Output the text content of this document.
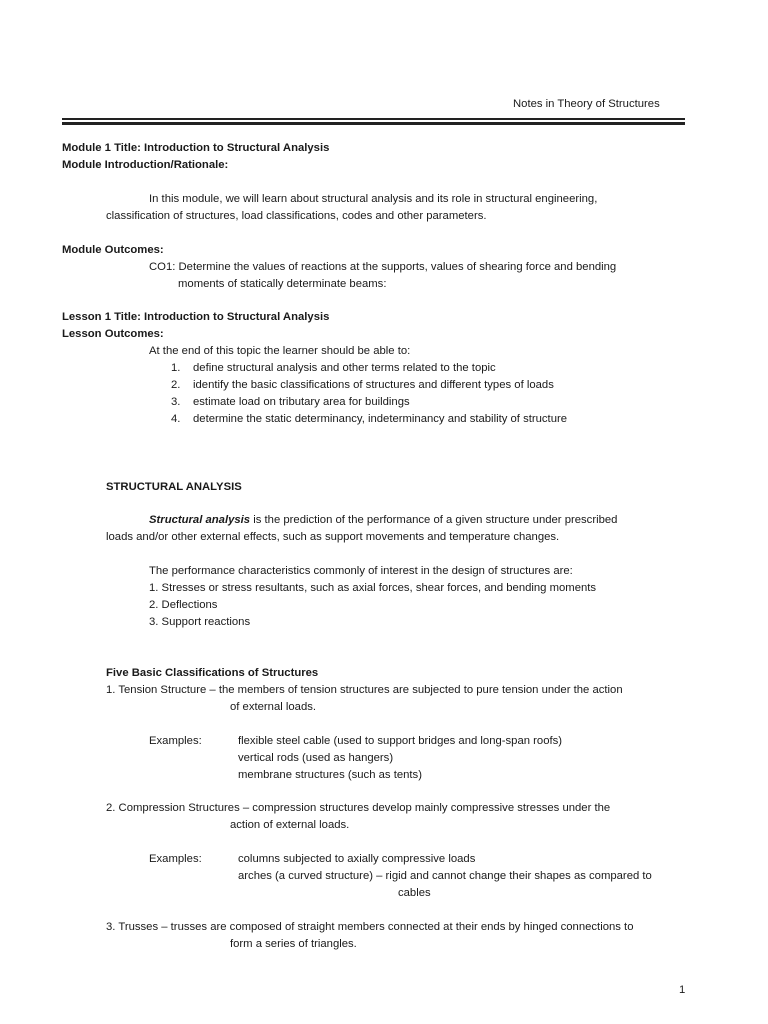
Notes in Theory of Structures
Module 1 Title: Introduction to Structural Analysis
Module Introduction/Rationale:
In this module, we will learn about structural analysis and its role in structural engineering,
classification of structures, load classifications, codes and other parameters.
Module Outcomes:
CO1: Determine the values of reactions at the supports, values of shearing force and bending
moments of statically determinate beams:
Lesson 1 Title: Introduction to Structural Analysis
Lesson Outcomes:
At the end of this topic the learner should be able to:
1. define structural analysis and other terms related to the topic
2. identify the basic classifications of structures and different types of loads
3. estimate load on tributary area for buildings
4. determine the static determinancy, indeterminancy and stability of structure
STRUCTURAL ANALYSIS
Structural analysis is the prediction of the performance of a given structure under prescribed
loads and/or other external effects, such as support movements and temperature changes.
The performance characteristics commonly of interest in the design of structures are:
1. Stresses or stress resultants, such as axial forces, shear forces, and bending moments
2. Deflections
3. Support reactions
Five Basic Classifications of Structures
1. Tension Structure – the members of tension structures are subjected to pure tension under the action
of external loads.
Examples:	flexible steel cable (used to support bridges and long-span roofs)
vertical rods (used as hangers)
membrane structures (such as tents)
2. Compression Structures – compression structures develop mainly compressive stresses under the
action of external loads.
Examples:	columns subjected to axially compressive loads
arches (a curved structure) – rigid and cannot change their shapes as compared to
cables
3. Trusses – trusses are composed of straight members connected at their ends by hinged connections to
form a series of triangles.
1
